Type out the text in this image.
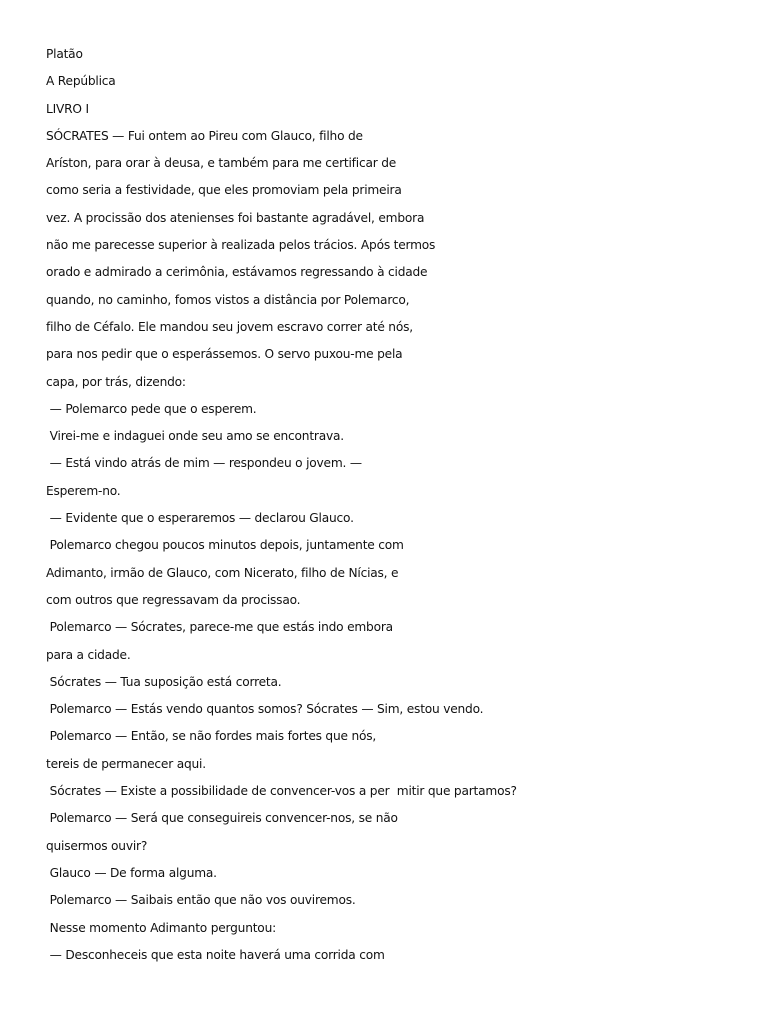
Platão
A República
LIVRO I
SÓCRATES — Fui ontem ao Pireu com Glauco, filho de
Aríston, para orar à deusa, e também para me certificar de
como seria a festividade, que eles promoviam pela primeira
vez. A procissão dos atenienses foi bastante agradável, embora
não me parecesse superior à realizada pelos trácios. Após termos
orado e admirado a cerimônia, estávamos regressando à cidade
quando, no caminho, fomos vistos a distância por Polemarco,
filho de Céfalo. Ele mandou seu jovem escravo correr até nós,
para nos pedir que o esperássemos. O servo puxou-me pela
capa, por trás, dizendo:
— Polemarco pede que o esperem.
Virei-me e indaguei onde seu amo se encontrava.
— Está vindo atrás de mim — respondeu o jovem. —
Esperem-no.
— Evidente que o esperaremos — declarou Glauco.
Polemarco chegou poucos minutos depois, juntamente com
Adimanto, irmão de Glauco, com Nicerato, filho de Nícias, e
com outros que regressavam da procissao.
Polemarco — Sócrates, parece-me que estás indo embora
para a cidade.
Sócrates — Tua suposição está correta.
Polemarco — Estás vendo quantos somos? Sócrates — Sim, estou vendo.
Polemarco — Então, se não fordes mais fortes que nós,
tereis de permanecer aqui.
Sócrates — Existe a possibilidade de convencer-vos a per  mitir que partamos?
Polemarco — Será que conseguireis convencer-nos, se não
quisermos ouvir?
Glauco — De forma alguma.
Polemarco — Saibais então que não vos ouviremos.
Nesse momento Adimanto perguntou:
— Desconheceis que esta noite haverá uma corrida com
